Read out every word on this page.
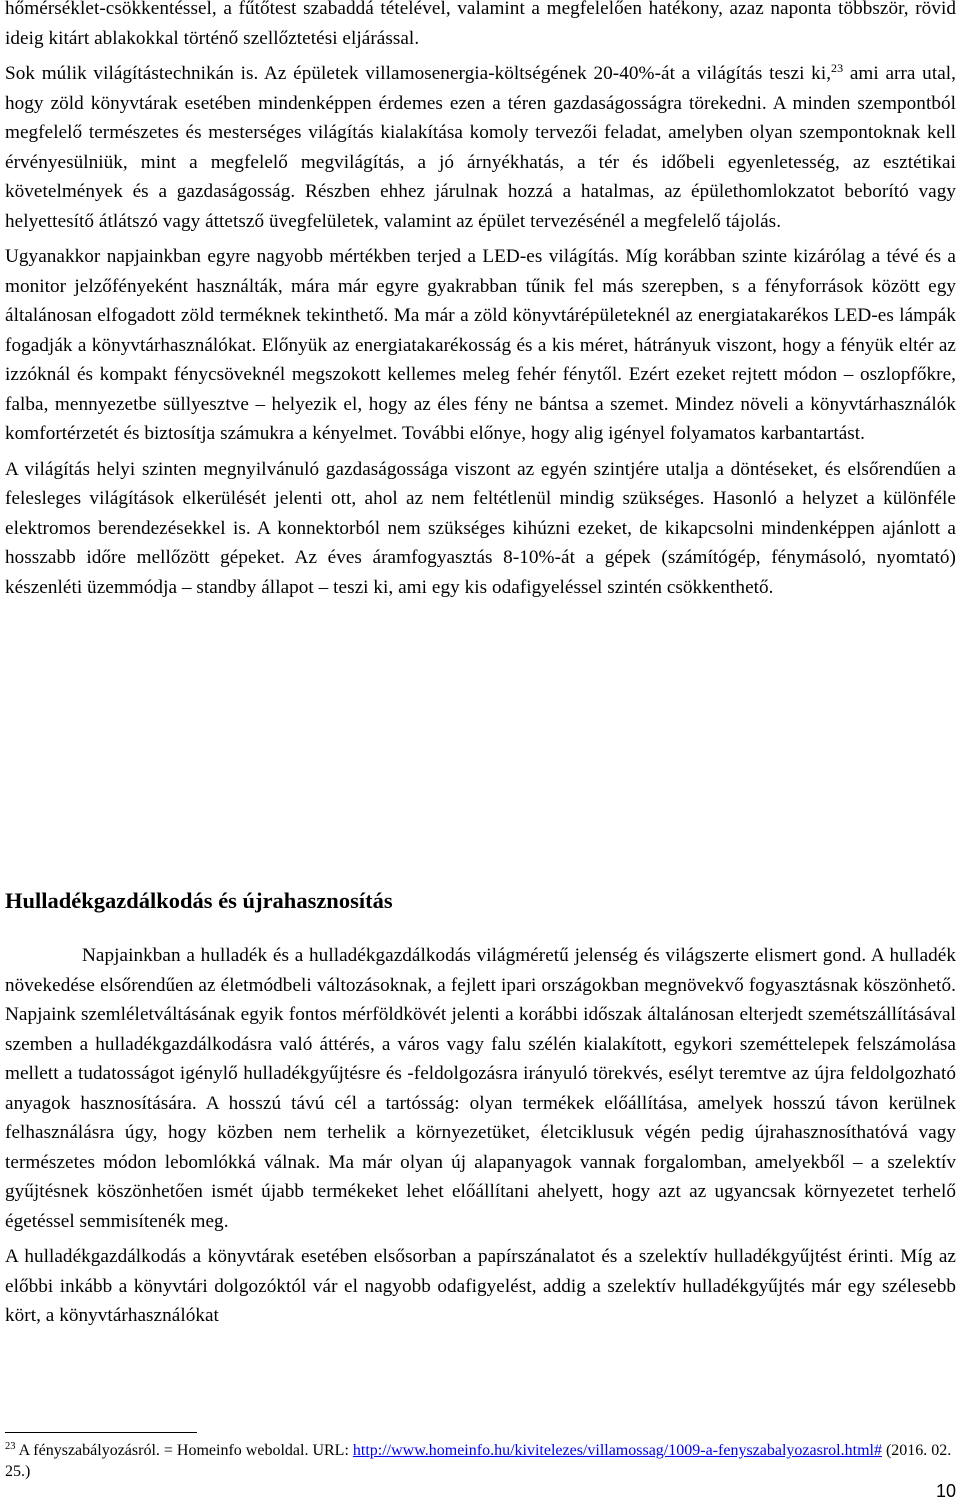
hőmérséklet-csökkentéssel, a fűtőtest szabaddá tételével, valamint a megfelelően hatékony, azaz naponta többször, rövid ideig kitárt ablakokkal történő szellőztetési eljárással.

Sok múlik világítástechnikán is. Az épületek villamosenergia-költségének 20-40%-át a világítás teszi ki,$^{23}$ ami arra utal, hogy zöld könyvtárak esetében mindenképpen érdemes ezen a téren gazdaságosságra törekedni. A minden szempontból megfelelő természetes és mesterséges világítás kialakítása komoly tervezői feladat, amelyben olyan szempontoknak kell érvényesülniük, mint a megfelelő megvilágítás, a jó árnyékhatás, a tér és időbeli egyenletesség, az esztétikai követelmények és a gazdaságosság. Részben ehhez járulnak hozzá a hatalmas, az épülethomlokzatot beborító vagy helyettesítő átlátszó vagy áttetsző üvegfelületek, valamint az épület tervezésénél a megfelelő tájolás.

Ugyanakkor napjainkban egyre nagyobb mértékben terjed a LED-es világítás. Míg korábban szinte kizárólag a tévé és a monitor jelzőfényeként használták, mára már egyre gyakrabban tűnik fel más szerepben, s a fényforrások között egy általánosan elfogadott zöld terméknek tekinthető. Ma már a zöld könyvtárépületeknél az energiatakarékos LED-es lámpák fogadják a könyvtárhasználókat. Előnyük az energiatakarékosság és a kis méret, hátrányuk viszont, hogy a fényük eltér az izzóknál és kompakt fénycsöveknél megszokott kellemes meleg fehér fénytől. Ezért ezeket rejtett módon – oszlopfőkre, falba, mennyezetbe süllyesztve – helyezik el, hogy az éles fény ne bántsa a szemet. Mindez növeli a könyvtárhasználók komfortérzetét és biztosítja számukra a kényelmet. További előnye, hogy alig igényel folyamatos karbantartást.

A világítás helyi szinten megnyilvánuló gazdaságossága viszont az egyén szintjére utalja a döntéseket, és elsőrendűen a felesleges világítások elkerülését jelenti ott, ahol az nem feltétlenül mindig szükséges. Hasonló a helyzet a különféle elektromos berendezésekkel is. A konnektorból nem szükséges kihúzni ezeket, de kikapcsolni mindenképpen ajánlott a hosszabb időre mellőzött gépeket. Az éves áramfogyasztás 8-10%-át a gépek (számítógép, fénymásoló, nyomtató) készenléti üzemmódja – standby állapot – teszi ki, ami egy kis odafigyeléssel szintén csökkenthető.

Hulladékgazdálkodás és újrahasznosítás

Napjainkban a hulladék és a hulladékgazdálkodás világméretű jelenség és világszerte elismert gond. A hulladék növekedése elsőrendűen az életmódbeli változásoknak, a fejlett ipari országokban megnövekvő fogyasztásnak köszönhető. Napjaink szemléletváltásának egyik fontos mérföldkövét jelenti a korábbi időszak általánosan elterjedt szemétszállításával szemben a hulladékgazdálkodásra való áttérés, a város vagy falu szélén kialakított, egykori szeméttelepek felszámolása mellett a tudatosságot igénylő hulladékgyűjtésre és -feldolgozásra irányuló törekvés, esélyt teremtve az újra feldolgozható anyagok hasznosítására. A hosszú távú cél a tartósság: olyan termékek előállítása, amelyek hosszú távon kerülnek felhasználásra úgy, hogy közben nem terhelik a környezetüket, életciklusuk végén pedig újrahasznosíthatóvá vagy természetes módon lebomlókká válnak. Ma már olyan új alapanyagok vannak forgalomban, amelyekből – a szelektív gyűjtésnek köszönhetően ismét újabb termékeket lehet előállítani ahelyett, hogy azt az ugyancsak környezetet terhelő égetéssel semmisítenék meg.

A hulladékgazdálkodás a könyvtárak esetében elsősorban a papírszánalatot és a szelektív hulladékgyűjtést érinti. Míg az előbbi inkább a könyvtári dolgozóktól vár el nagyobb odafigyelést, addig a szelektív hulladékgyűjtés már egy szélesebb kört, a könyvtárhasználókat

$^{23}$ A fényszabályozásról. = Homeinfo weboldal. URL: http://www.homeinfo.hu/kivitelezes/villamossag/1009-a-fenyszabalyozasrol.html# (2016. 02. 25.)
10
